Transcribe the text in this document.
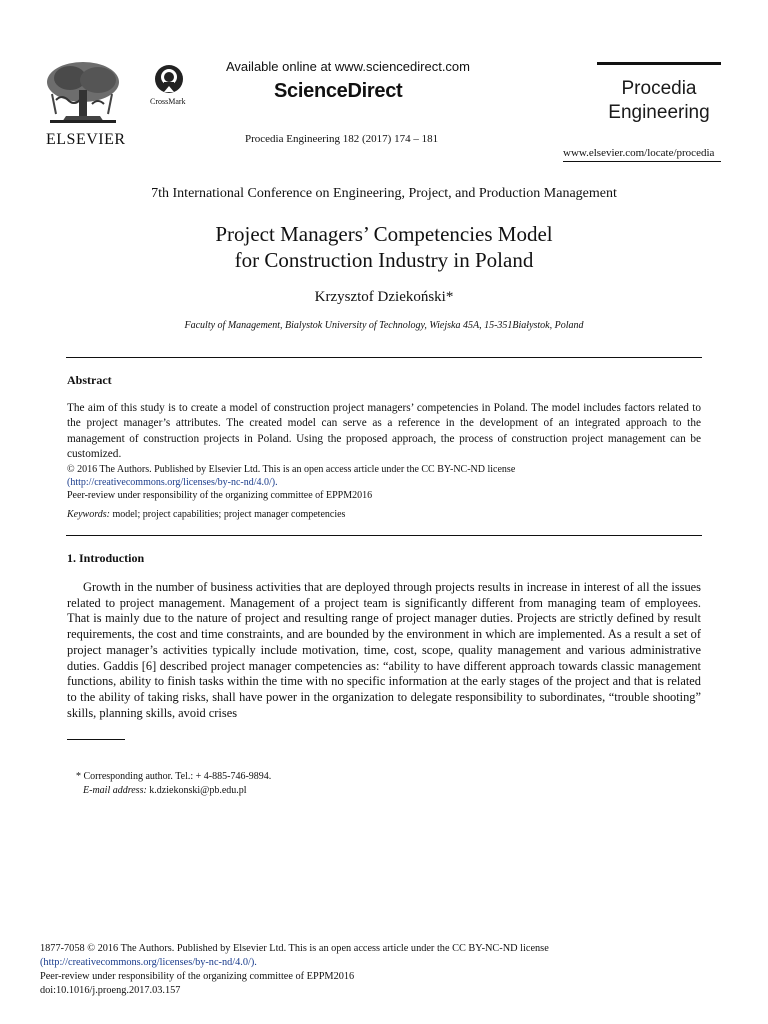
ELSEVIER
CrossMark
Available online at www.sciencedirect.com
ScienceDirect
Procedia Engineering 182 (2017) 174 – 181
Procedia
Engineering
www.elsevier.com/locate/procedia
7th International Conference on Engineering, Project, and Production Management
Project Managers’ Competencies Model
for Construction Industry in Poland
Krzysztof Dziekoński*
Faculty of Management, Bialystok University of Technology, Wiejska 45A, 15-351Białystok, Poland
Abstract
The aim of this study is to create a model of construction project managers’ competencies in Poland. The model includes factors related to the project manager’s attributes. The created model can serve as a reference in the development of an integrated approach to the management of construction projects in Poland. Using the proposed approach, the process of construction project management can be customized.
© 2016 The Authors. Published by Elsevier Ltd. This is an open access article under the CC BY-NC-ND license
(http://creativecommons.org/licenses/by-nc-nd/4.0/).
Peer-review under responsibility of the organizing committee of EPPM2016
Keywords: model; project capabilities; project manager competencies
1. Introduction
Growth in the number of business activities that are deployed through projects results in increase in interest of all the issues related to project management. Management of a project team is significantly different from managing team of employees. That is mainly due to the nature of project and resulting range of project manager duties. Projects are strictly defined by result requirements, the cost and time constraints, and are bounded by the environment in which are implemented. As a result a set of project manager’s activities typically include motivation, time, cost, scope, quality management and various administrative duties. Gaddis [6] described project manager competencies as: “ability to have different approach towards classic management functions, ability to finish tasks within the time with no specific information at the early stages of the project and that is related to the ability of taking risks, shall have power in the organization to delegate responsibility to subordinates, “trouble shooting” skills, planning skills, avoid crises
* Corresponding author. Tel.: + 4-885-746-9894.
E-mail address: k.dziekonski@pb.edu.pl
1877-7058 © 2016 The Authors. Published by Elsevier Ltd. This is an open access article under the CC BY-NC-ND license
(http://creativecommons.org/licenses/by-nc-nd/4.0/).
Peer-review under responsibility of the organizing committee of EPPM2016
doi:10.1016/j.proeng.2017.03.157
